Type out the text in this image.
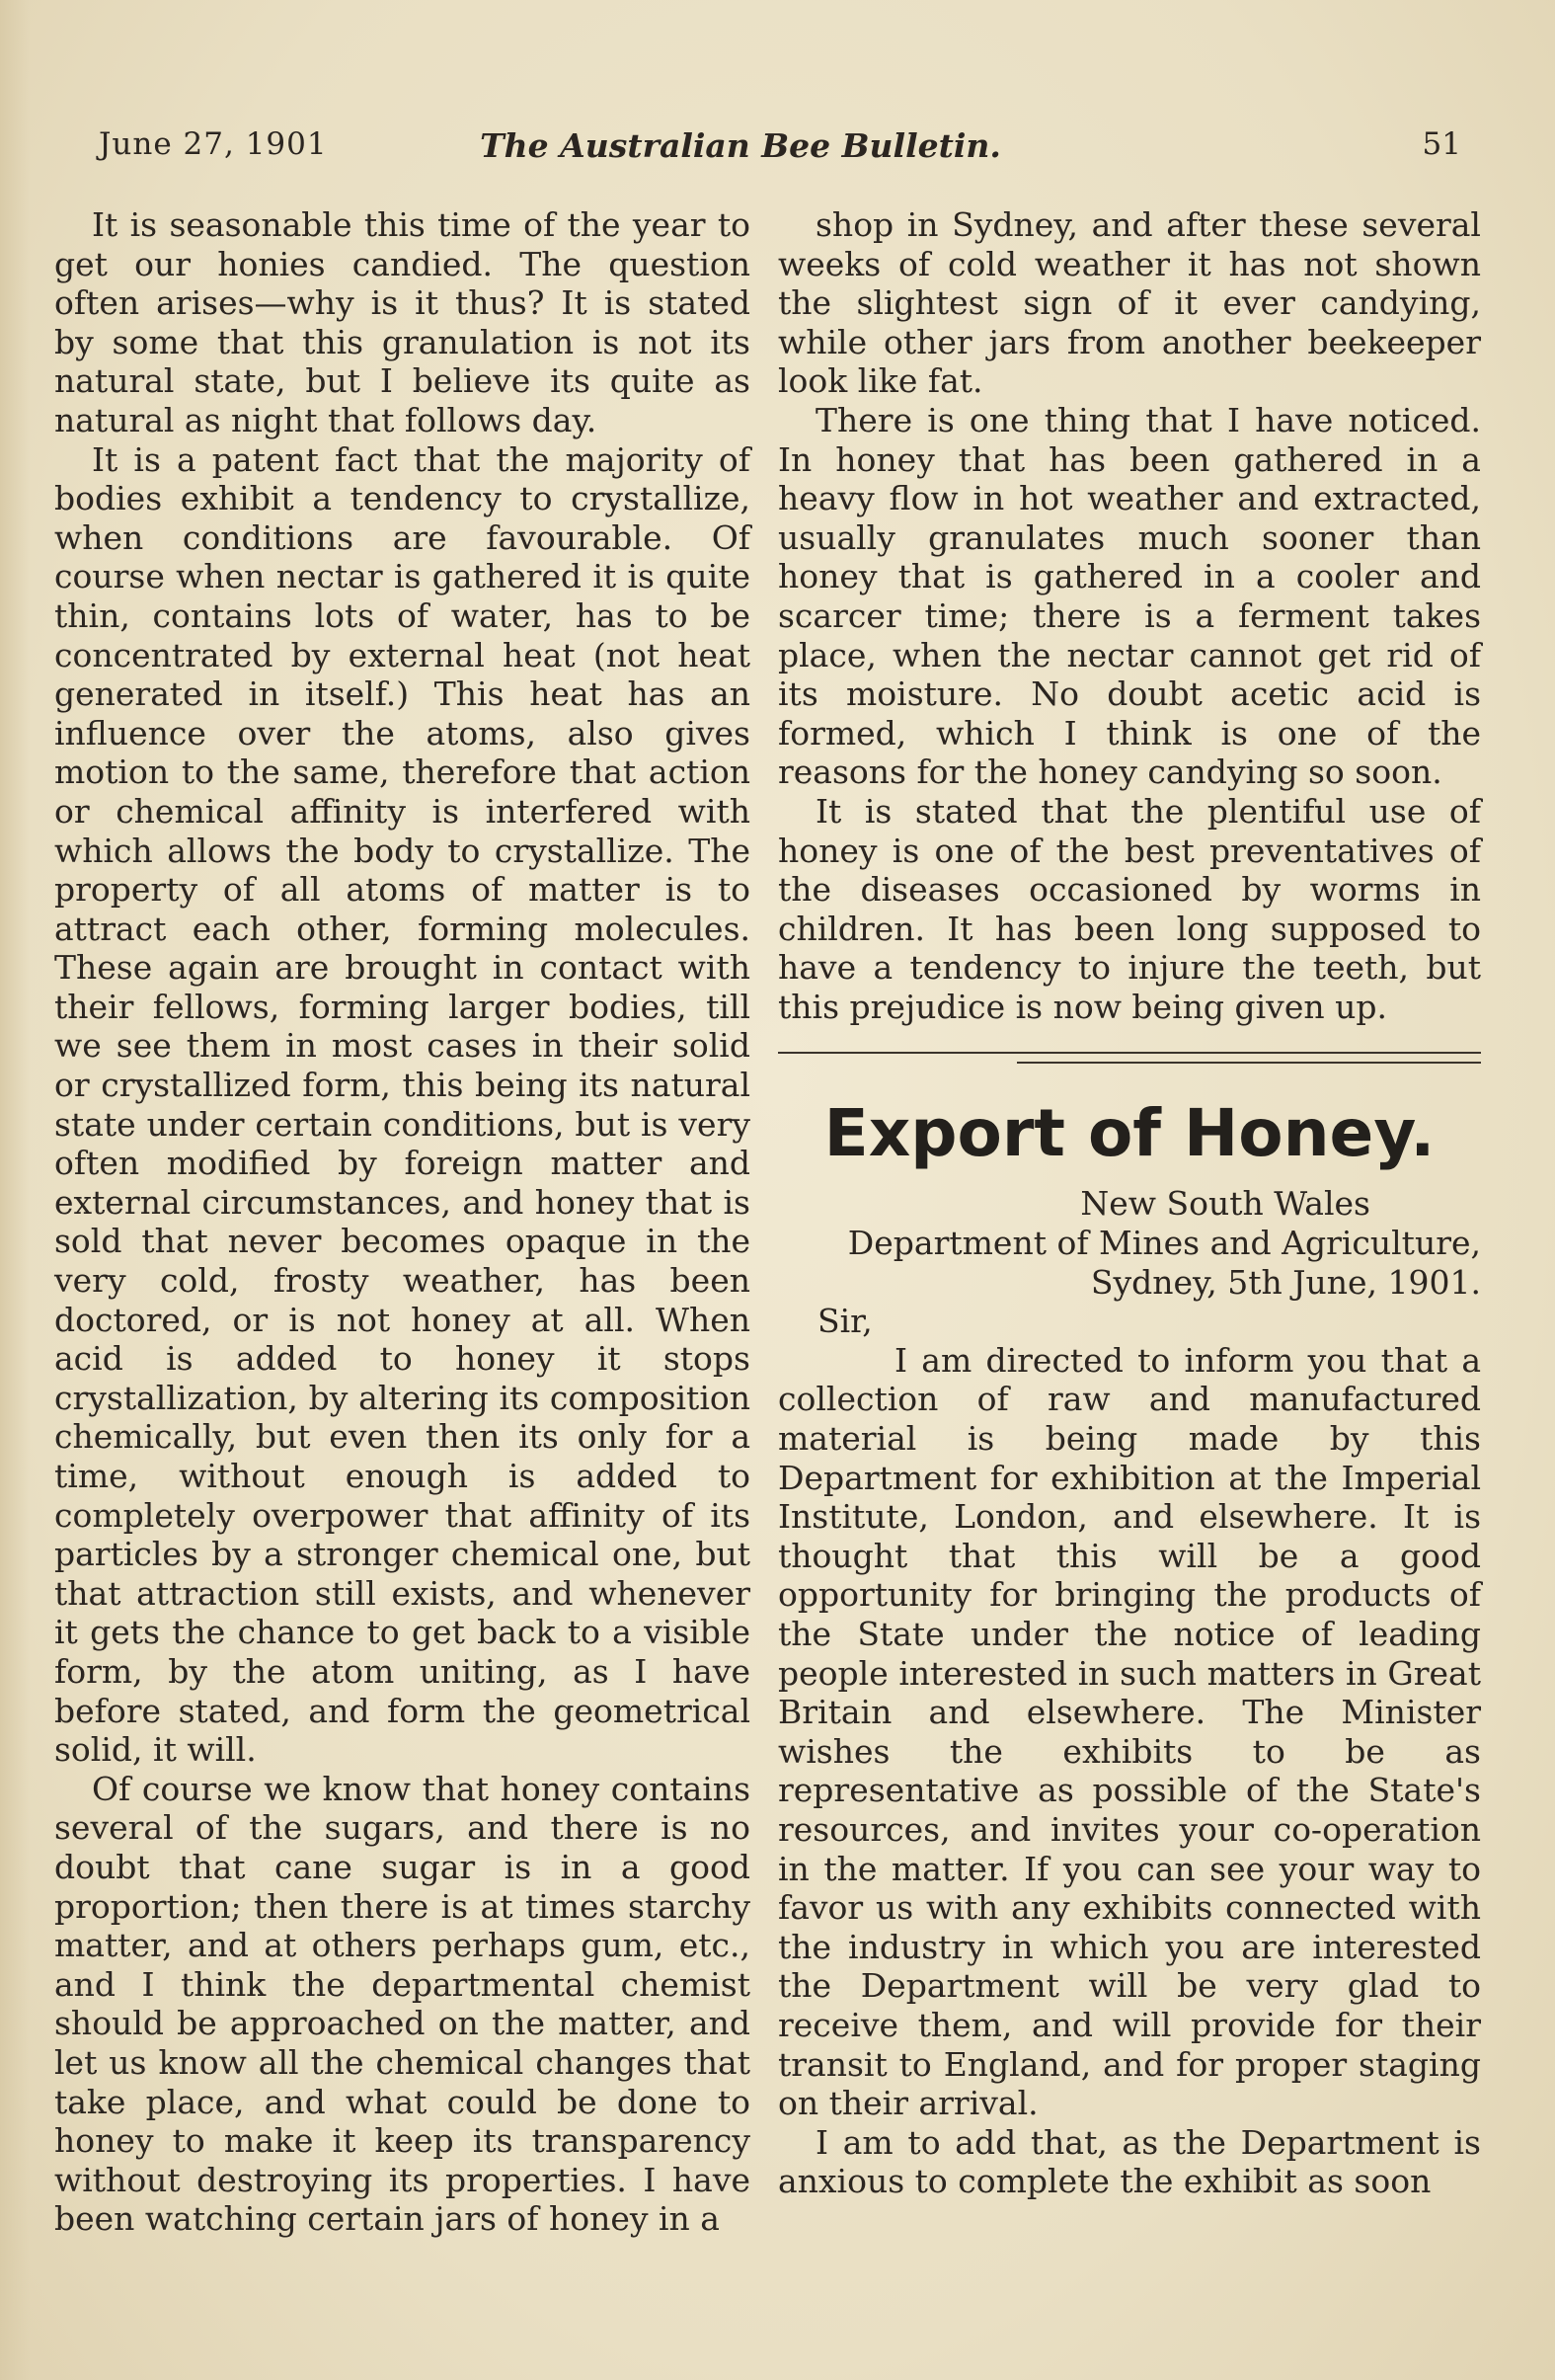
June 27, 1901	The Australian Bee Bulletin.	51

It is seasonable this time of the year to get our honies candied. The question often arises—why is it thus? It is stated by some that this granulation is not its natural state, but I believe its quite as natural as night that follows day.

It is a patent fact that the majority of bodies exhibit a tendency to crystallize, when conditions are favourable. Of course when nectar is gathered it is quite thin, contains lots of water, has to be concentrated by external heat (not heat generated in itself.) This heat has an influence over the atoms, also gives motion to the same, therefore that action or chemical affinity is interfered with which allows the body to crystallize. The property of all atoms of matter is to attract each other, forming molecules. These again are brought in contact with their fellows, forming larger bodies, till we see them in most cases in their solid or crystallized form, this being its natural state under certain conditions, but is very often modified by foreign matter and external circumstances, and honey that is sold that never becomes opaque in the very cold, frosty weather, has been doctored, or is not honey at all. When acid is added to honey it stops crystallization, by altering its composition chemically, but even then its only for a time, without enough is added to completely overpower that affinity of its particles by a stronger chemical one, but that attraction still exists, and whenever it gets the chance to get back to a visible form, by the atom uniting, as I have before stated, and form the geometrical solid, it will.

Of course we know that honey contains several of the sugars, and there is no doubt that cane sugar is in a good proportion; then there is at times starchy matter, and at others perhaps gum, etc., and I think the departmental chemist should be approached on the matter, and let us know all the chemical changes that take place, and what could be done to honey to make it keep its transparency without destroying its properties. I have been watching certain jars of honey in a

shop in Sydney, and after these several weeks of cold weather it has not shown the slightest sign of it ever candying, while other jars from another beekeeper look like fat.

There is one thing that I have noticed. In honey that has been gathered in a heavy flow in hot weather and extracted, usually granulates much sooner than honey that is gathered in a cooler and scarcer time; there is a ferment takes place, when the nectar cannot get rid of its moisture. No doubt acetic acid is formed, which I think is one of the reasons for the honey candying so soon.

It is stated that the plentiful use of honey is one of the best preventatives of the diseases occasioned by worms in children. It has been long supposed to have a tendency to injure the teeth, but this prejudice is now being given up.

Export of Honey.

New South Wales

Department of Mines and Agriculture,

Sydney, 5th June, 1901.

Sir,

I am directed to inform you that a collection of raw and manufactured material is being made by this Department for exhibition at the Imperial Institute, London, and elsewhere. It is thought that this will be a good opportunity for bringing the products of the State under the notice of leading people interested in such matters in Great Britain and elsewhere. The Minister wishes the exhibits to be as representative as possible of the State's resources, and invites your co-operation in the matter. If you can see your way to favor us with any exhibits connected with the industry in which you are interested the Department will be very glad to receive them, and will provide for their transit to England, and for proper staging on their arrival.

I am to add that, as the Department is anxious to complete the exhibit as soon
